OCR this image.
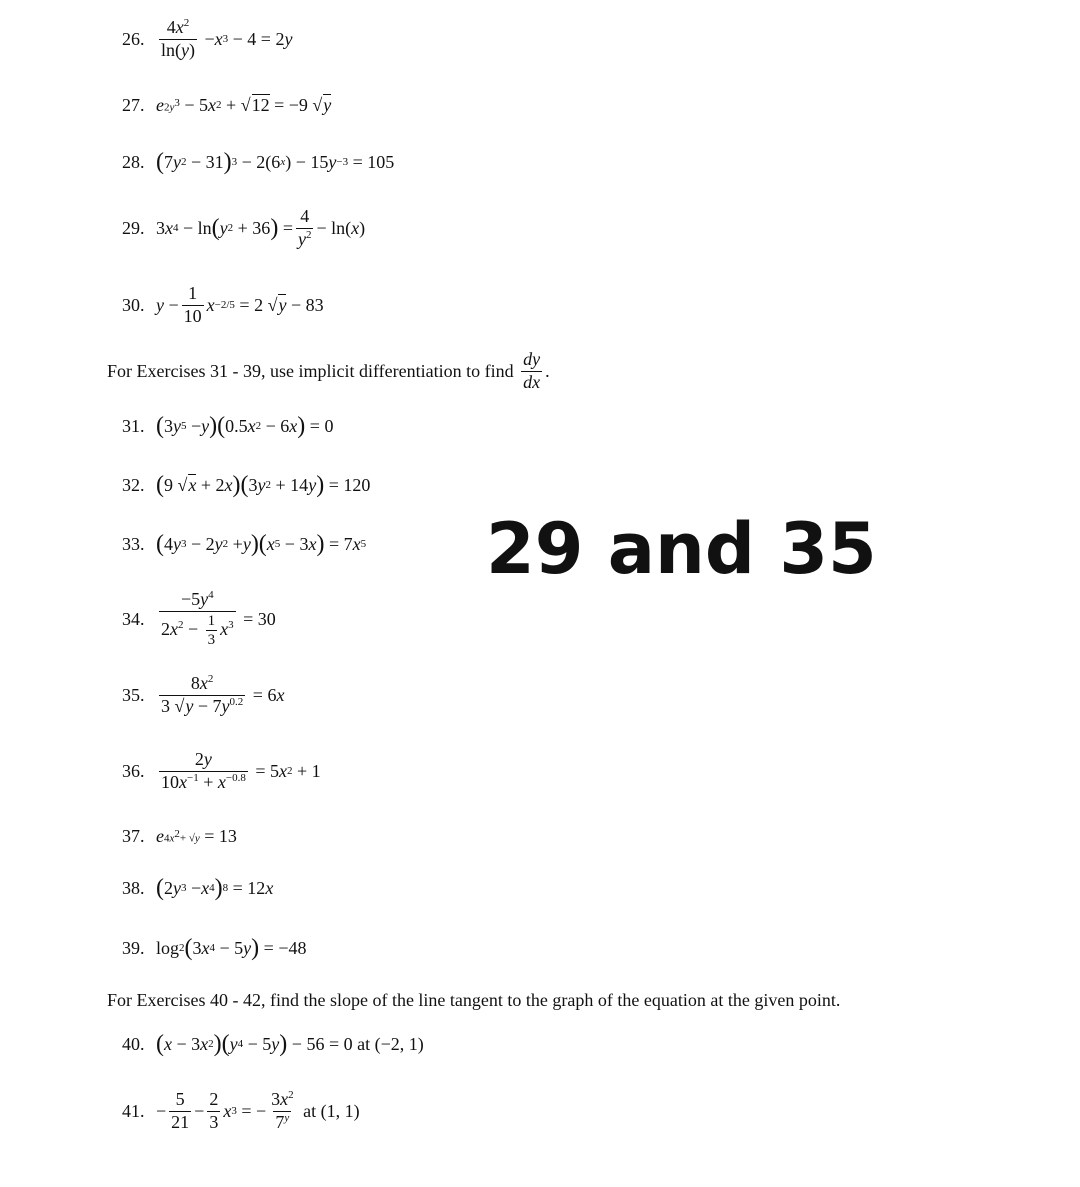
26. $\frac{4x^2}{\ln(y)} - x$ 3 − 4 = 2 y
27. e $2y^3 - 5$ x 2 + √ 12 = −9 √ y
28. ( 7 y 2 − 31 ) 3 − 2(6 x ) − 15 y −3 = 105
29. 3 x 4 − ln ( y 2 + 36 ) = $\frac{4}{y^2} - \ln$( x )
30. $y - \frac{1}{10}$ x −2/5 = 2 √ y − 83
For Exercises 31 - 39, use implicit differentiation to find
$\frac{dy}{dx}$ .
31. ( 3 y 5 − y )( 0.5 x 2 − 6 x ) = 0
32. ( 9 √ x + 2 x )( 3 y 2 + 14 y ) = 120
33. ( 4 y 3 − 2 y 2 + y )( x 5 − 3 x ) = 7 x 5
34. $\frac{-5y^4}{2x^2 - \frac{1}{3} x^3} = 30$
35. $\frac{8x^2}{3 √y - 7y^{0.2}} = 6$ x
36. $\frac{2y}{10x^{-1} + x^{-0.8}} = 5$ x 2 + 1
37. e $4x^2+ √y = 13$
38. ( 2 y 3 − x 4 ) 8 = 12 x
39. log 2 ( 3 x 4 − 5 y ) = −48
For Exercises 40 - 42, find the slope of the line tangent to the graph of the equation at the given point.
40. ( x − 3 x 2 )( y 4 − 5 y ) − 56 = 0 at (−2, 1)
41. − $\frac{5}{21} - \frac{2}{3}$ x 3 = − $\frac{3x^2}{7^y}$ at (1, 1)
29 and 35
